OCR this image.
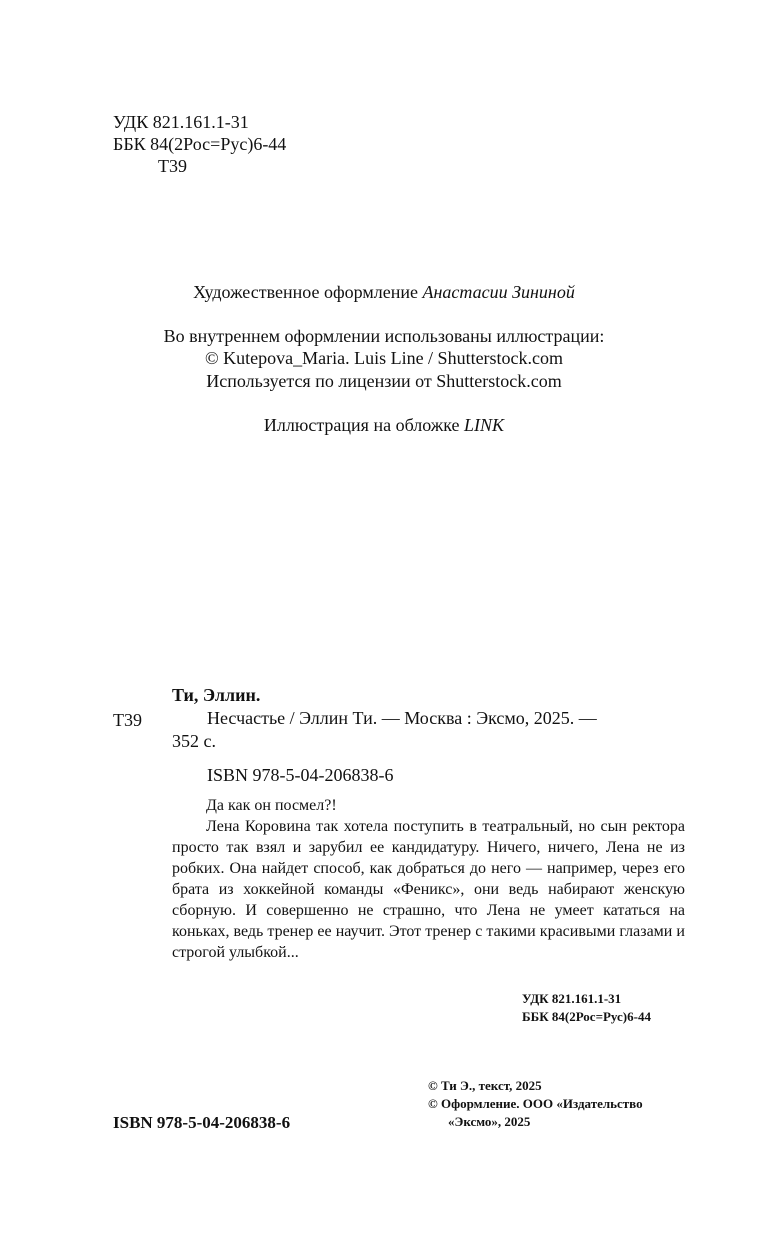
УДК 821.161.1-31
ББК 84(2Рос=Рус)6-44
Т39
Художественное оформление Анастасии Зининой
Во внутреннем оформлении использованы иллюстрации:
© Kutepova_Maria. Luis Line / Shutterstock.com
Используется по лицензии от Shutterstock.com
Иллюстрация на обложке LINK
Ти, Эллин.
Т39	Несчастье / Эллин Ти. — Москва : Эксмо, 2025. —
352 с.
ISBN 978-5-04-206838-6

Да как он посмел?!

Лена Коровина так хотела поступить в театральный, но сын ректора просто так взял и зарубил ее кандидатуру. Ничего, ничего, Лена не из робких. Она найдет способ, как добраться до него — например, через его брата из хоккейной команды «Феникс», они ведь набирают женскую сборную. И совершенно не страшно, что Лена не умеет кататься на коньках, ведь тренер ее научит. Этот тренер с такими красивыми глазами и строгой улыбкой...

УДК 821.161.1-31
ББК 84(2Рос=Рус)6-44
ISBN 978-5-04-206838-6
© Ти Э., текст, 2025
© Оформление. ООО «Издательство
«Эксмо», 2025
